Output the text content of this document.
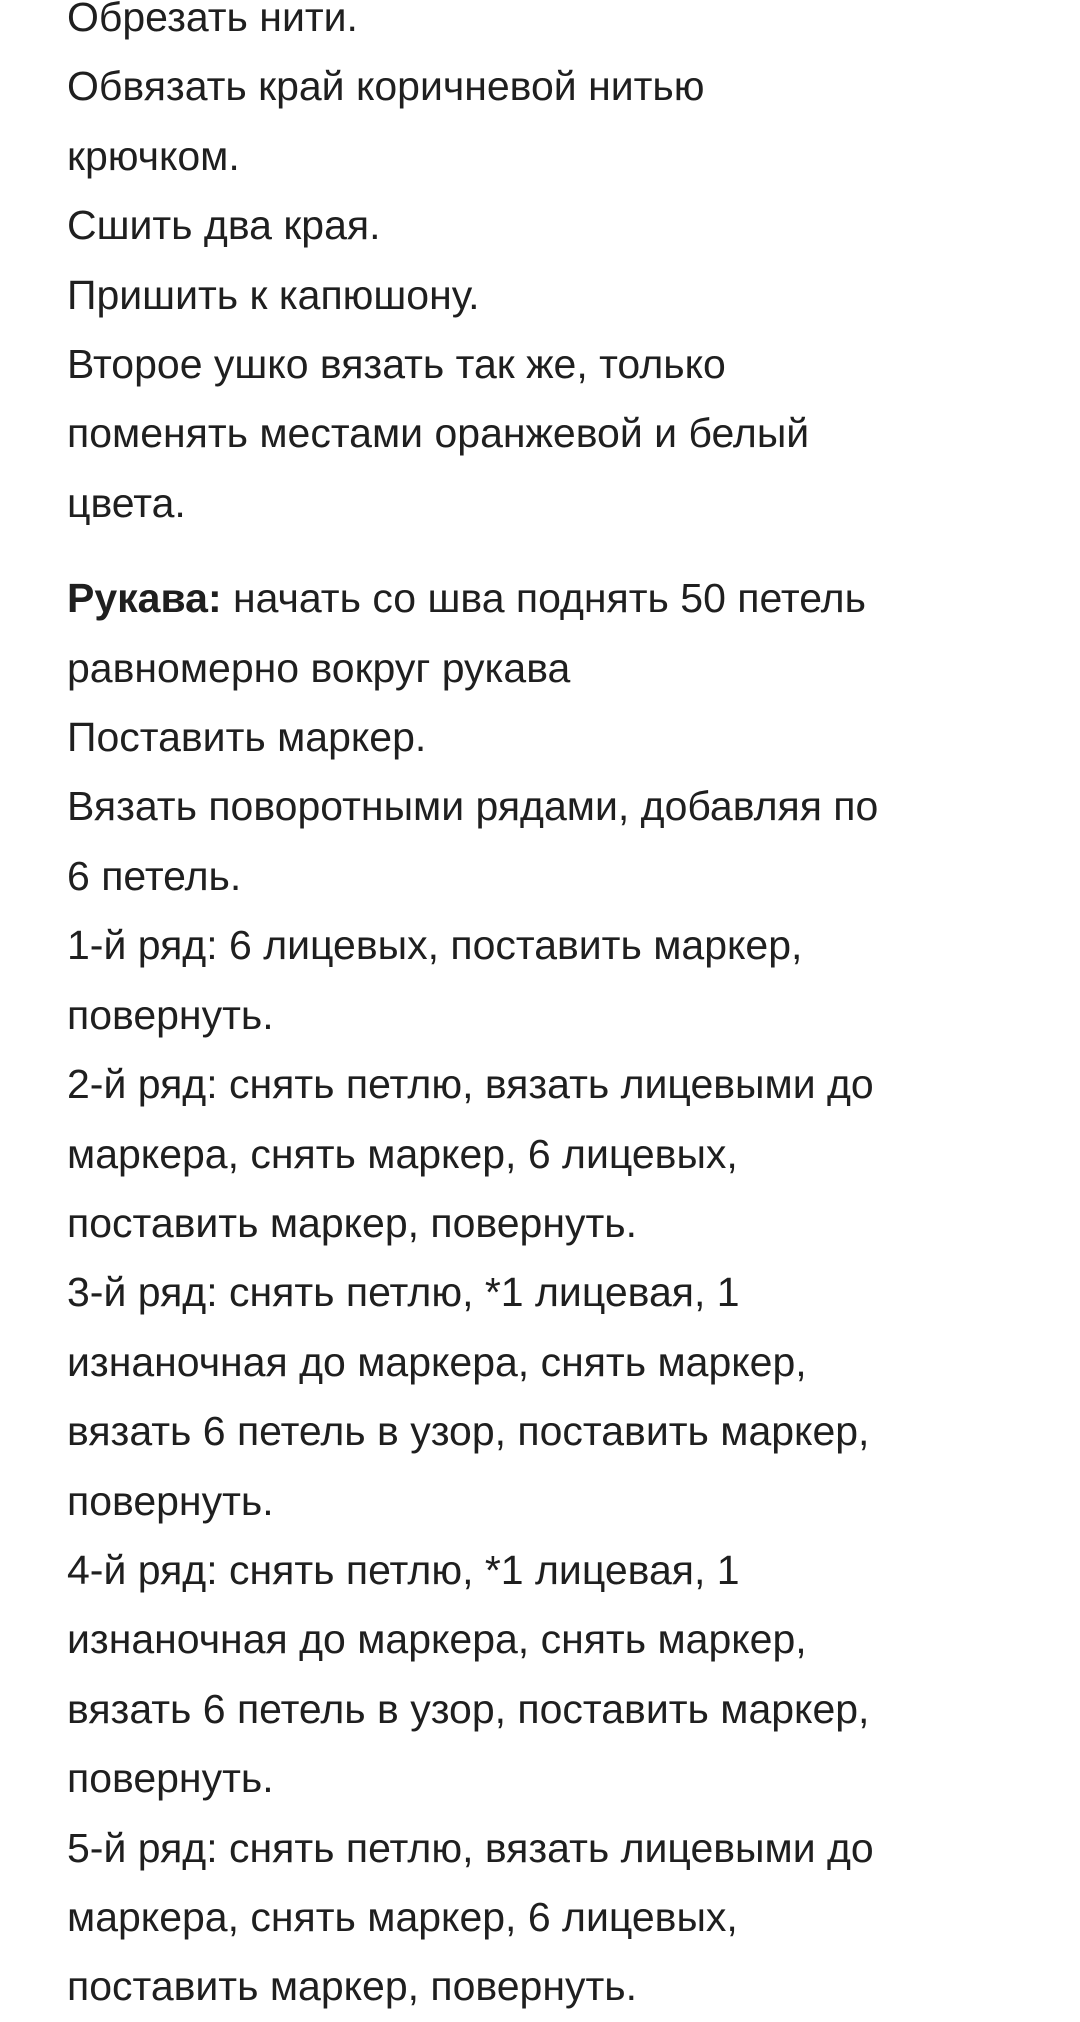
Обрезать нити.
Обвязать край коричневой нитью
крючком.
Сшить два края.
Пришить к капюшону.
Второе ушко вязать так же, только
поменять местами оранжевой и белый
цвета.
Рукава: начать со шва поднять 50 петель
равномерно вокруг рукава
Поставить маркер.
Вязать поворотными рядами, добавляя по
6 петель.
1-й ряд: 6 лицевых, поставить маркер,
повернуть.
2-й ряд: снять петлю, вязать лицевыми до
маркера, снять маркер, 6 лицевых,
поставить маркер, повернуть.
3-й ряд: снять петлю, *1 лицевая, 1
изнаночная до маркера, снять маркер,
вязать 6 петель в узор, поставить маркер,
повернуть.
4-й ряд: снять петлю, *1 лицевая, 1
изнаночная до маркера, снять маркер,
вязать 6 петель в узор, поставить маркер,
повернуть.
5-й ряд: снять петлю, вязать лицевыми до
маркера, снять маркер, 6 лицевых,
поставить маркер, повернуть.
